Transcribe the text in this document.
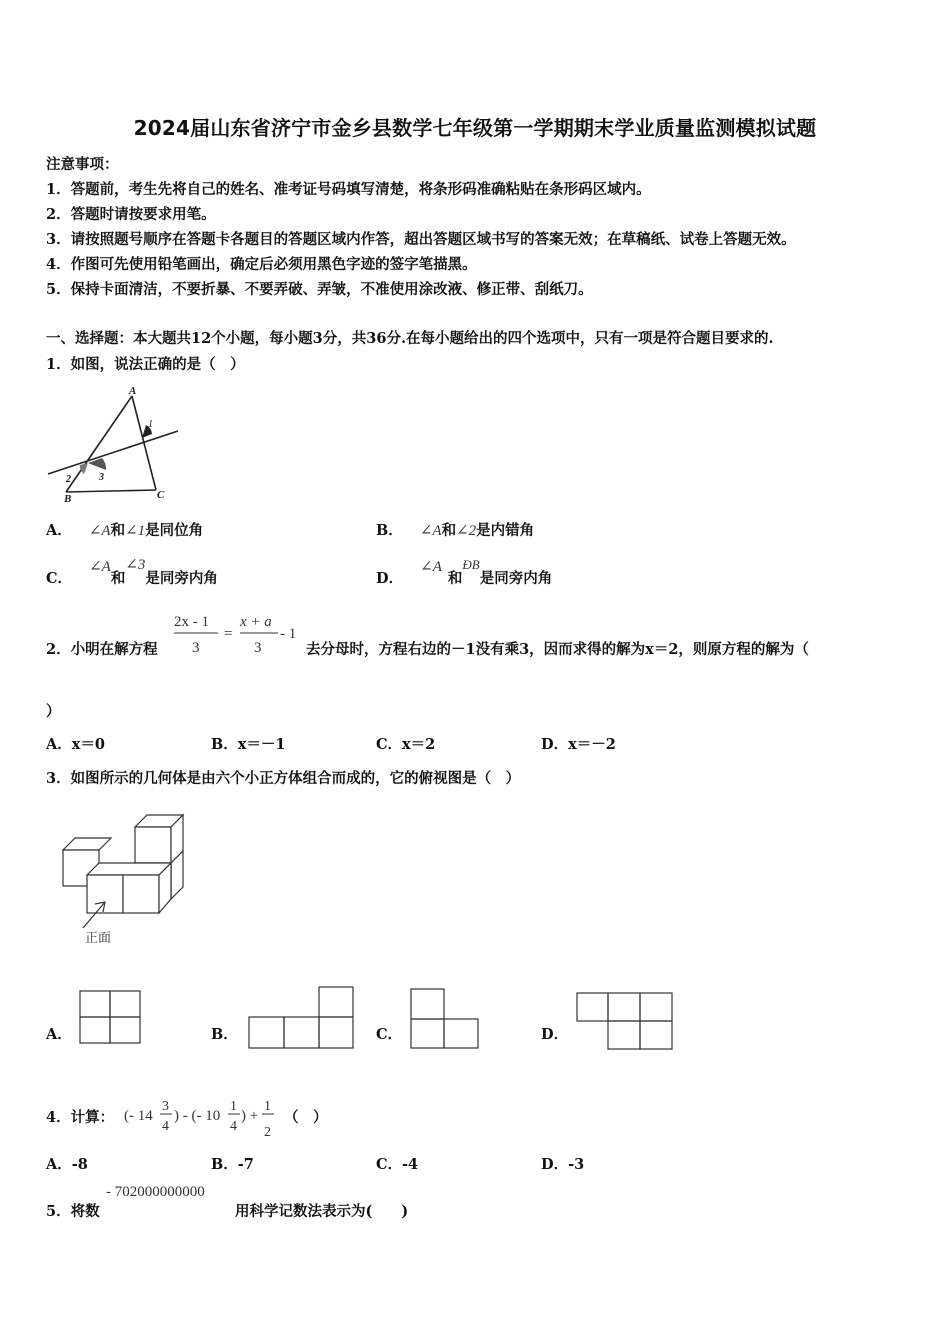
2024届山东省济宁市金乡县数学七年级第一学期期末学业质量监测模拟试题
注意事项：
1．答题前，考生先将自己的姓名、准考证号码填写清楚，将条形码准确粘贴在条形码区域内。
2．答题时请按要求用笔。
3．请按照题号顺序在答题卡各题目的答题区域内作答，超出答题区域书写的答案无效；在草稿纸、试卷上答题无效。
4．作图可先使用铅笔画出，确定后必须用黑色字迹的签字笔描黑。
5．保持卡面清洁，不要折暴、不要弄破、弄皱，不准使用涂改液、修正带、刮纸刀。
一、选择题：本大题共12个小题，每小题3分，共36分.在每小题给出的四个选项中，只有一项是符合题目要求的.
1．如图，说法正确的是（　）
A
1
2	3
B	C
A． ∠A和∠1是同位角	B． ∠A和∠2是内错角
C． ∠A和∠3是同旁内角	D． ∠A和ÐB是同旁内角
2．小明在解方程
2x - 1
3
=
x + a
3
- 1
去分母时，方程右边的－1没有乘3，因而求得的解为x＝2，则原方程的解为（
）
A．x＝0	B．x＝－1	C．x＝2	D．x＝－2
3．如图所示的几何体是由六个小正方体组合而成的，它的俯视图是（　）
正面
A．	B．	C．	D．
4．计算： (- 14
3
4
) - (- 10
1
4
) +
1
2
（　）
A．-8	B．-7	C．-4	D．-3
5．将数
- 702000000000
用科学记数法表示为(　　)
